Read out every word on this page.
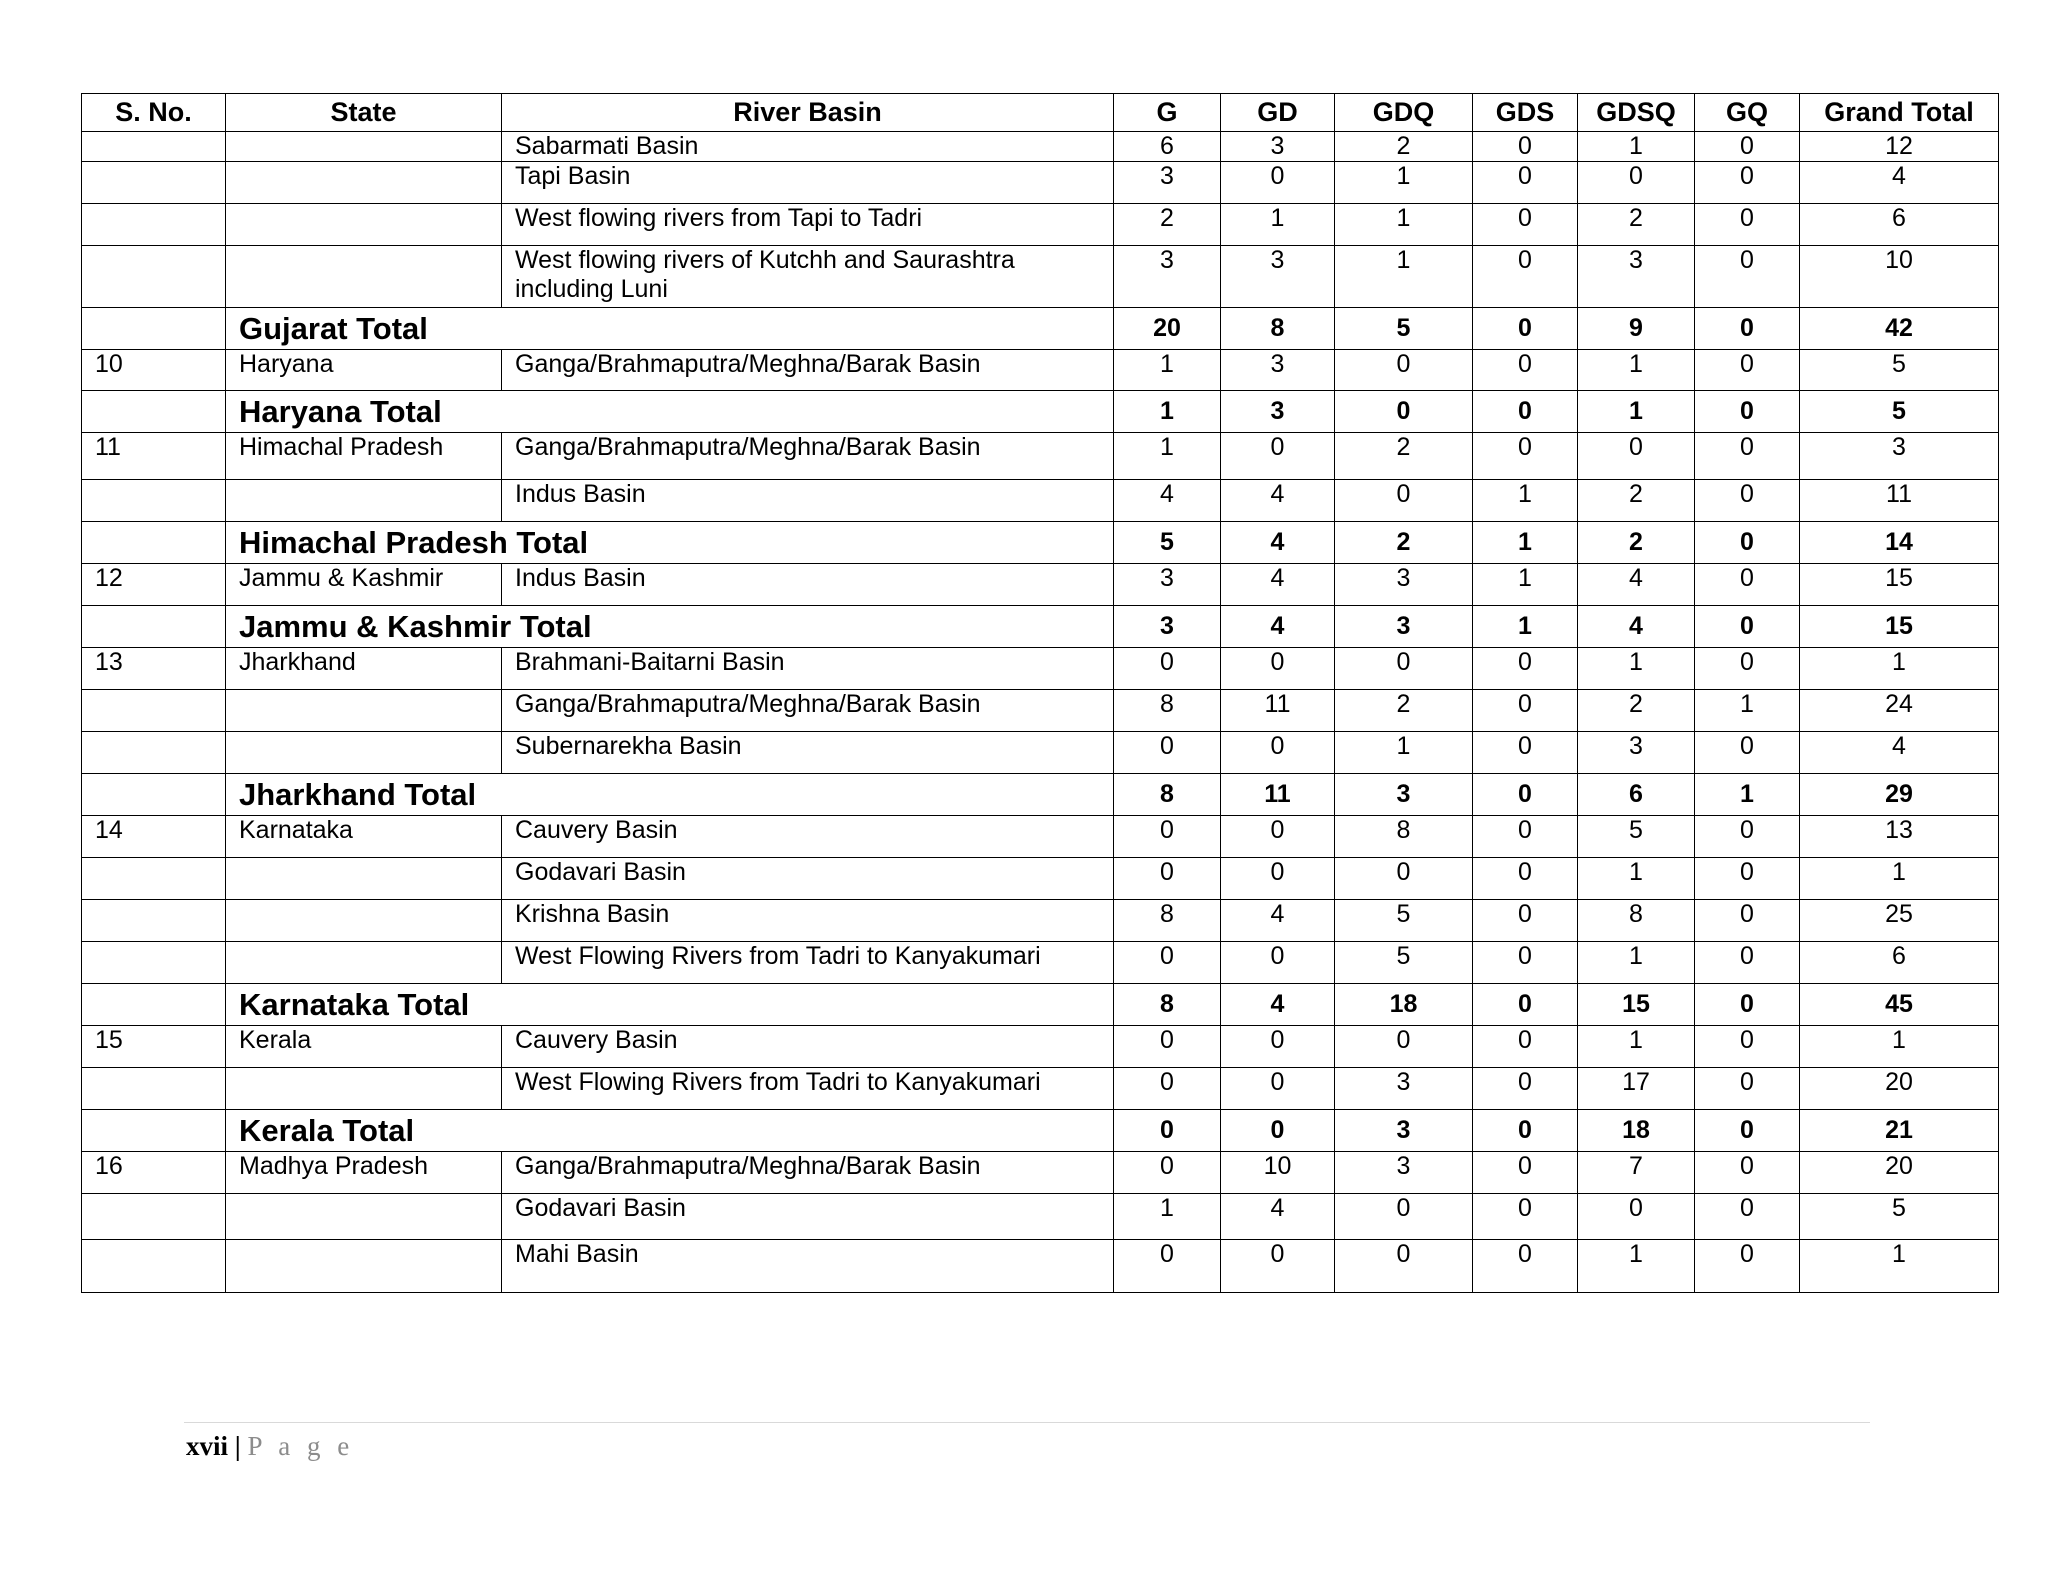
S. No.	State	River Basin	G	GD	GDQ	GDS	GDSQ	GQ	Grand Total
		Sabarmati Basin	6	3	2	0	1	0	12
		Tapi Basin	3	0	1	0	0	0	4
		West flowing rivers from Tapi to Tadri	2	1	1	0	2	0	6
		West flowing rivers of Kutchh and Saurashtra including Luni	3	3	1	0	3	0	10
	Gujarat Total		20	8	5	0	9	0	42
10	Haryana	Ganga/Brahmaputra/Meghna/Barak Basin	1	3	0	0	1	0	5
	Haryana Total		1	3	0	0	1	0	5
11	Himachal Pradesh	Ganga/Brahmaputra/Meghna/Barak Basin	1	0	2	0	0	0	3
		Indus Basin	4	4	0	1	2	0	11
	Himachal Pradesh Total		5	4	2	1	2	0	14
12	Jammu & Kashmir	Indus Basin	3	4	3	1	4	0	15
	Jammu & Kashmir Total		3	4	3	1	4	0	15
13	Jharkhand	Brahmani-Baitarni Basin	0	0	0	0	1	0	1
		Ganga/Brahmaputra/Meghna/Barak Basin	8	11	2	0	2	1	24
		Subernarekha Basin	0	0	1	0	3	0	4
	Jharkhand Total		8	11	3	0	6	1	29
14	Karnataka	Cauvery Basin	0	0	8	0	5	0	13
		Godavari Basin	0	0	0	0	1	0	1
		Krishna Basin	8	4	5	0	8	0	25
		West Flowing Rivers from Tadri to Kanyakumari	0	0	5	0	1	0	6
	Karnataka Total		8	4	18	0	15	0	45
15	Kerala	Cauvery Basin	0	0	0	0	1	0	1
		West Flowing Rivers from Tadri to Kanyakumari	0	0	3	0	17	0	20
	Kerala Total		0	0	3	0	18	0	21
16	Madhya Pradesh	Ganga/Brahmaputra/Meghna/Barak Basin	0	10	3	0	7	0	20
		Godavari Basin	1	4	0	0	0	0	5
		Mahi Basin	0	0	0	0	1	0	1
xvii | P a g e
